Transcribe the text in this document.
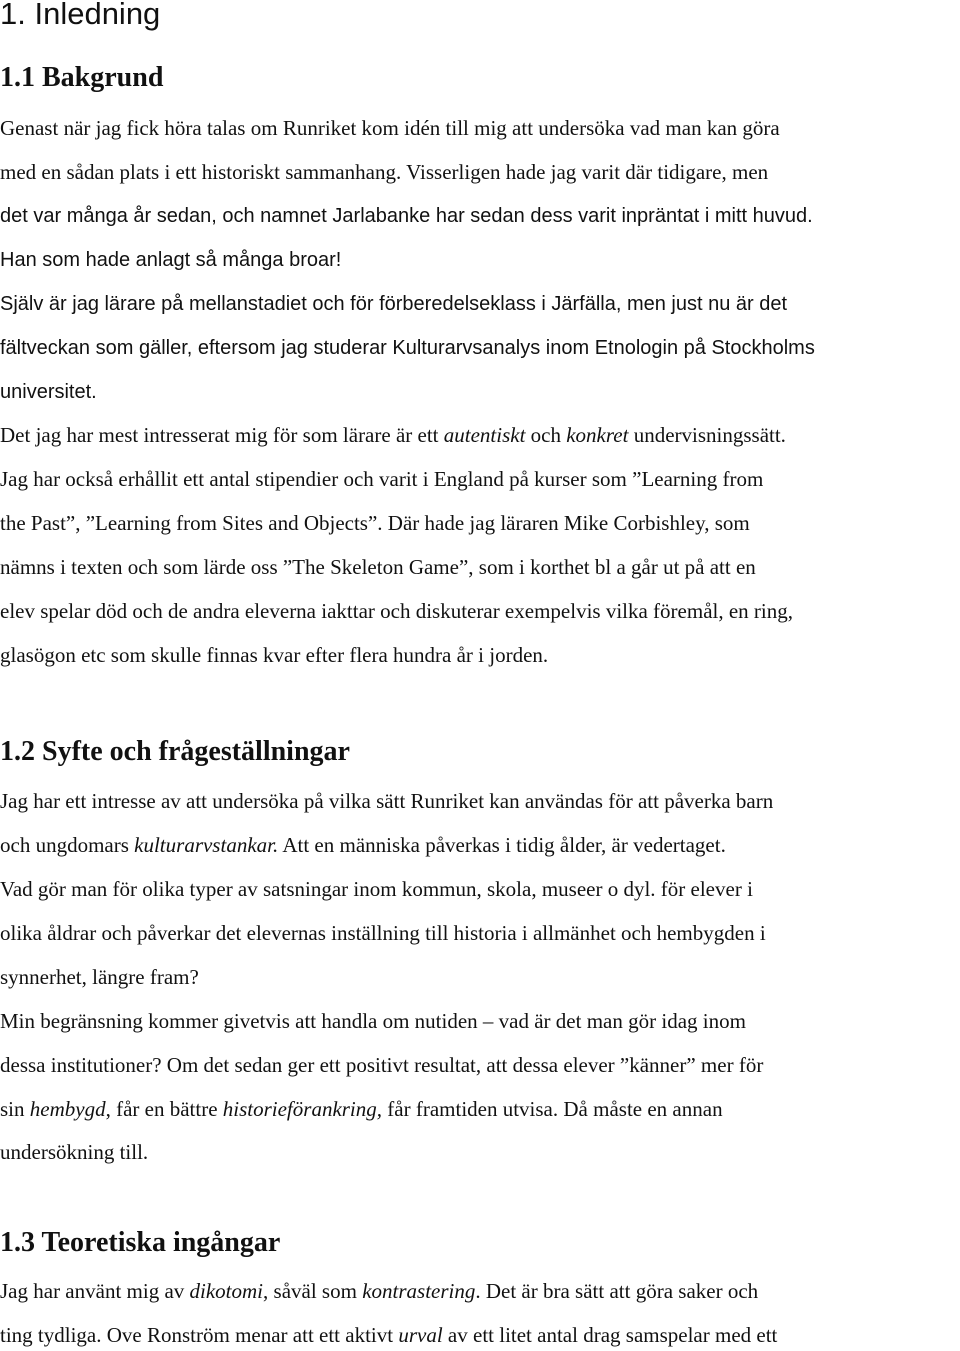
1. Inledning
1.1 Bakgrund

Genast när jag fick höra talas om Runriket kom idén till mig att undersöka vad man kan göra

med en sådan plats i ett historiskt sammanhang. Visserligen hade jag varit där tidigare, men

det var många år sedan, och namnet Jarlabanke har sedan dess varit inpräntat i mitt huvud.

Han som hade anlagt så många broar!

Själv är jag lärare på mellanstadiet och för förberedelseklass i Järfälla, men just nu är det

fältveckan som gäller, eftersom jag studerar Kulturarvsanalys inom Etnologin på Stockholms

universitet.

Det jag har mest intresserat mig för som lärare är ett autentiskt och konkret undervisningssätt.

Jag har också erhållit ett antal stipendier och varit i England på kurser som ”Learning from

the Past”, ”Learning from Sites and Objects”. Där hade jag läraren Mike Corbishley, som

nämns i texten och som lärde oss ”The Skeleton Game”, som i korthet bl a går ut på att en

elev spelar död och de andra eleverna iakttar och diskuterar exempelvis vilka föremål, en ring,

glasögon etc som skulle finnas kvar efter flera hundra år i jorden.

1.2 Syfte och frågeställningar

Jag har ett intresse av att undersöka på vilka sätt Runriket kan användas för att påverka barn

och ungdomars kulturarvstankar. Att en människa påverkas i tidig ålder, är vedertaget.

Vad gör man för olika typer av satsningar inom kommun, skola, museer o dyl. för elever i

olika åldrar och påverkar det elevernas inställning till historia i allmänhet och hembygden i

synnerhet, längre fram?

Min begränsning kommer givetvis att handla om nutiden – vad är det man gör idag inom

dessa institutioner? Om det sedan ger ett positivt resultat, att dessa elever ”känner” mer för

sin hembygd, får en bättre historieförankring, får framtiden utvisa. Då måste en annan

undersökning till.

1.3 Teoretiska ingångar

Jag har använt mig av dikotomi, såväl som kontrastering. Det är bra sätt att göra saker och

ting tydliga. Ove Ronström menar att ett aktivt urval av ett litet antal drag samspelar med ett
